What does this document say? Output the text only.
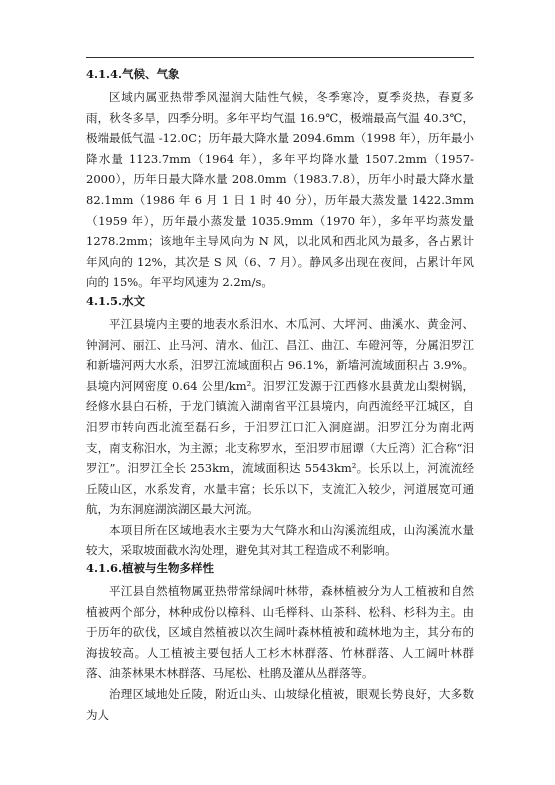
4.1.4.气候、气象

区域内属亚热带季风湿润大陆性气候，冬季寒冷，夏季炎热，春夏多雨，秋冬多旱，四季分明。多年平均气温 16.9℃，极端最高气温 40.3℃，极端最低气温 -12.0C；历年最大降水量 2094.6mm（1998 年），历年最小降水量 1123.7mm（1964 年），多年平均降水量 1507.2mm（1957-2000），历年日最大降水量 208.0mm（1983.7.8），历年小时最大降水量 82.1mm（1986 年 6 月 1 日 1 时 40 分），历年最大蒸发量 1422.3mm（1959 年），历年最小蒸发量 1035.9mm（1970 年），多年平均蒸发量 1278.2mm；该地年主导风向为 N 风，以北风和西北风为最多，各占累计年风向的 12%，其次是 S 风（6、7 月）。静风多出现在夜间，占累计年风向的 15%。年平均风速为 2.2m/s。

4.1.5.水文

平江县境内主要的地表水系汨水、木瓜河、大坪河、曲溪水、黄金河、钟洞河、丽江、止马河、清水、仙江、昌江、曲江、车磴河等，分属汨罗江和新墙河两大水系，汨罗江流域面积占 96.1%，新墙河流域面积占 3.9%。县境内河网密度 0.64 公里/km²。汨罗江发源于江西修水县黄龙山梨树锅，经修水县白石桥，于龙门镇流入湖南省平江县境内，向西流经平江城区，自汨罗市转向西北流至磊石乡，于汨罗江口汇入洞庭湖。汨罗江分为南北两支，南支称汨水，为主源；北支称罗水，至汨罗市屈谭（大丘湾）汇合称“汨罗江”。汨罗江全长 253km，流域面积达 5543km²。长乐以上，河流流经丘陵山区，水系发育，水量丰富；长乐以下，支流汇入较少，河道展宽可通航，为东洞庭湖滨湖区最大河流。

本项目所在区域地表水主要为大气降水和山沟溪流组成，山沟溪流水量较大，采取坡面截水沟处理，避免其对其工程造成不利影响。

4.1.6.植被与生物多样性

平江县自然植物属亚热带常绿阔叶林带，森林植被分为人工植被和自然植被两个部分，林种成份以樟科、山毛榉科、山茶科、松科、杉科为主。由于历年的砍伐，区域自然植被以次生阔叶森林植被和疏林地为主，其分布的海拔较高。人工植被主要包括人工杉木林群落、竹林群落、人工阔叶林群落、油茶林果木林群落、马尾松、杜鹃及灌从丛群落等。

治理区域地处丘陵，附近山头、山坡绿化植被，眼观长势良好，大多数为人
